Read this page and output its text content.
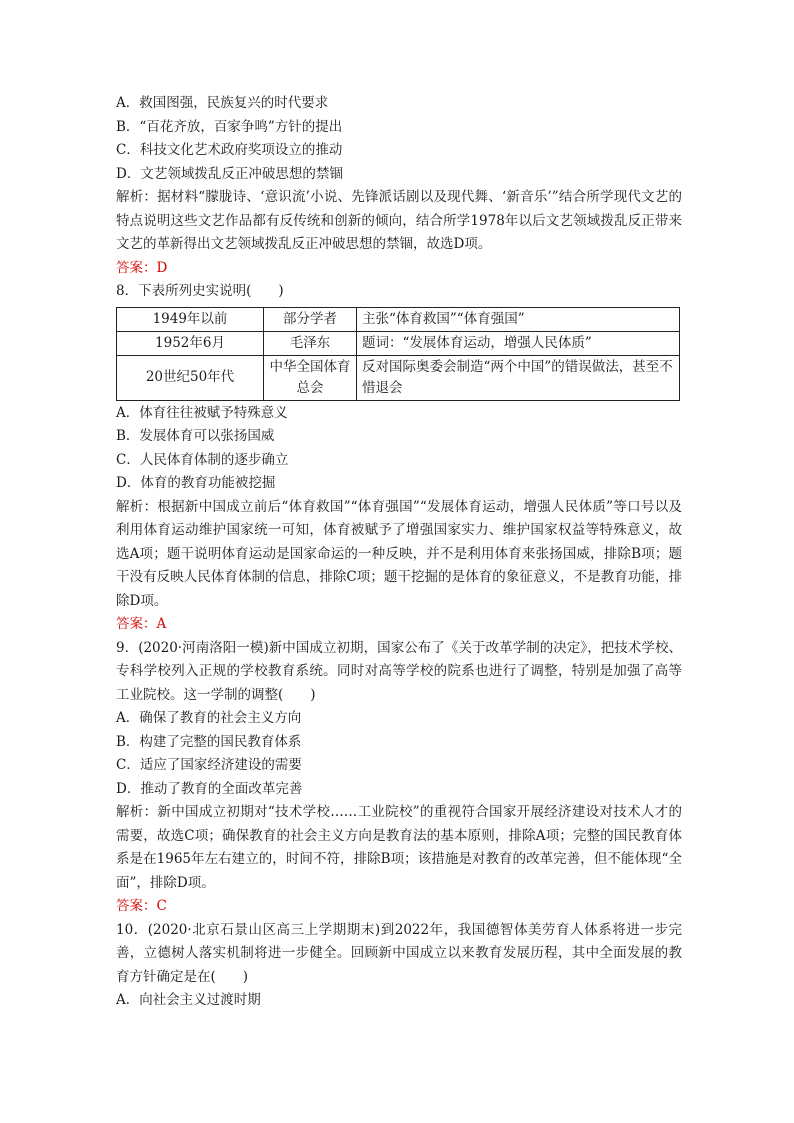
A．救国图强，民族复兴的时代要求
B．“百花齐放，百家争鸣”方针的提出
C．科技文化艺术政府奖项设立的推动
D．文艺领域拨乱反正冲破思想的禁锢
解析：据材料“朦胧诗、‘意识流’小说、先锋派话剧以及现代舞、‘新音乐’”结合所学现代文艺的特点说明这些文艺作品都有反传统和创新的倾向，结合所学1978年以后文艺领域拨乱反正带来文艺的革新得出文艺领域拨乱反正冲破思想的禁锢，故选D项。
答案：D
8．下表所列史实说明(　　)
1949年以前	部分学者	主张“体育救国”“体育强国”
1952年6月	毛泽东	题词：“发展体育运动，增强人民体质”
20世纪50年代	中华全国体育总会	反对国际奥委会制造“两个中国”的错误做法，甚至不惜退会
A．体育往往被赋予特殊意义
B．发展体育可以张扬国威
C．人民体育体制的逐步确立
D．体育的教育功能被挖掘
解析：根据新中国成立前后“体育救国”“体育强国”“发展体育运动，增强人民体质”等口号以及利用体育运动维护国家统一可知，体育被赋予了增强国家实力、维护国家权益等特殊意义，故选A项；题干说明体育运动是国家命运的一种反映，并不是利用体育来张扬国威，排除B项；题干没有反映人民体育体制的信息，排除C项；题干挖掘的是体育的象征意义，不是教育功能，排除D项。
答案：A
9．(2020·河南洛阳一模)新中国成立初期，国家公布了《关于改革学制的决定》，把技术学校、专科学校列入正规的学校教育系统。同时对高等学校的院系也进行了调整，特别是加强了高等工业院校。这一学制的调整(　　)
A．确保了教育的社会主义方向
B．构建了完整的国民教育体系
C．适应了国家经济建设的需要
D．推动了教育的全面改革完善
解析：新中国成立初期对“技术学校……工业院校”的重视符合国家开展经济建设对技术人才的需要，故选C项；确保教育的社会主义方向是教育法的基本原则，排除A项；完整的国民教育体系是在1965年左右建立的，时间不符，排除B项；该措施是对教育的改革完善，但不能体现“全面”，排除D项。
答案：C
10．(2020·北京石景山区高三上学期期末)到2022年，我国德智体美劳育人体系将进一步完善，立德树人落实机制将进一步健全。回顾新中国成立以来教育发展历程，其中全面发展的教育方针确定是在(　　)
A．向社会主义过渡时期
